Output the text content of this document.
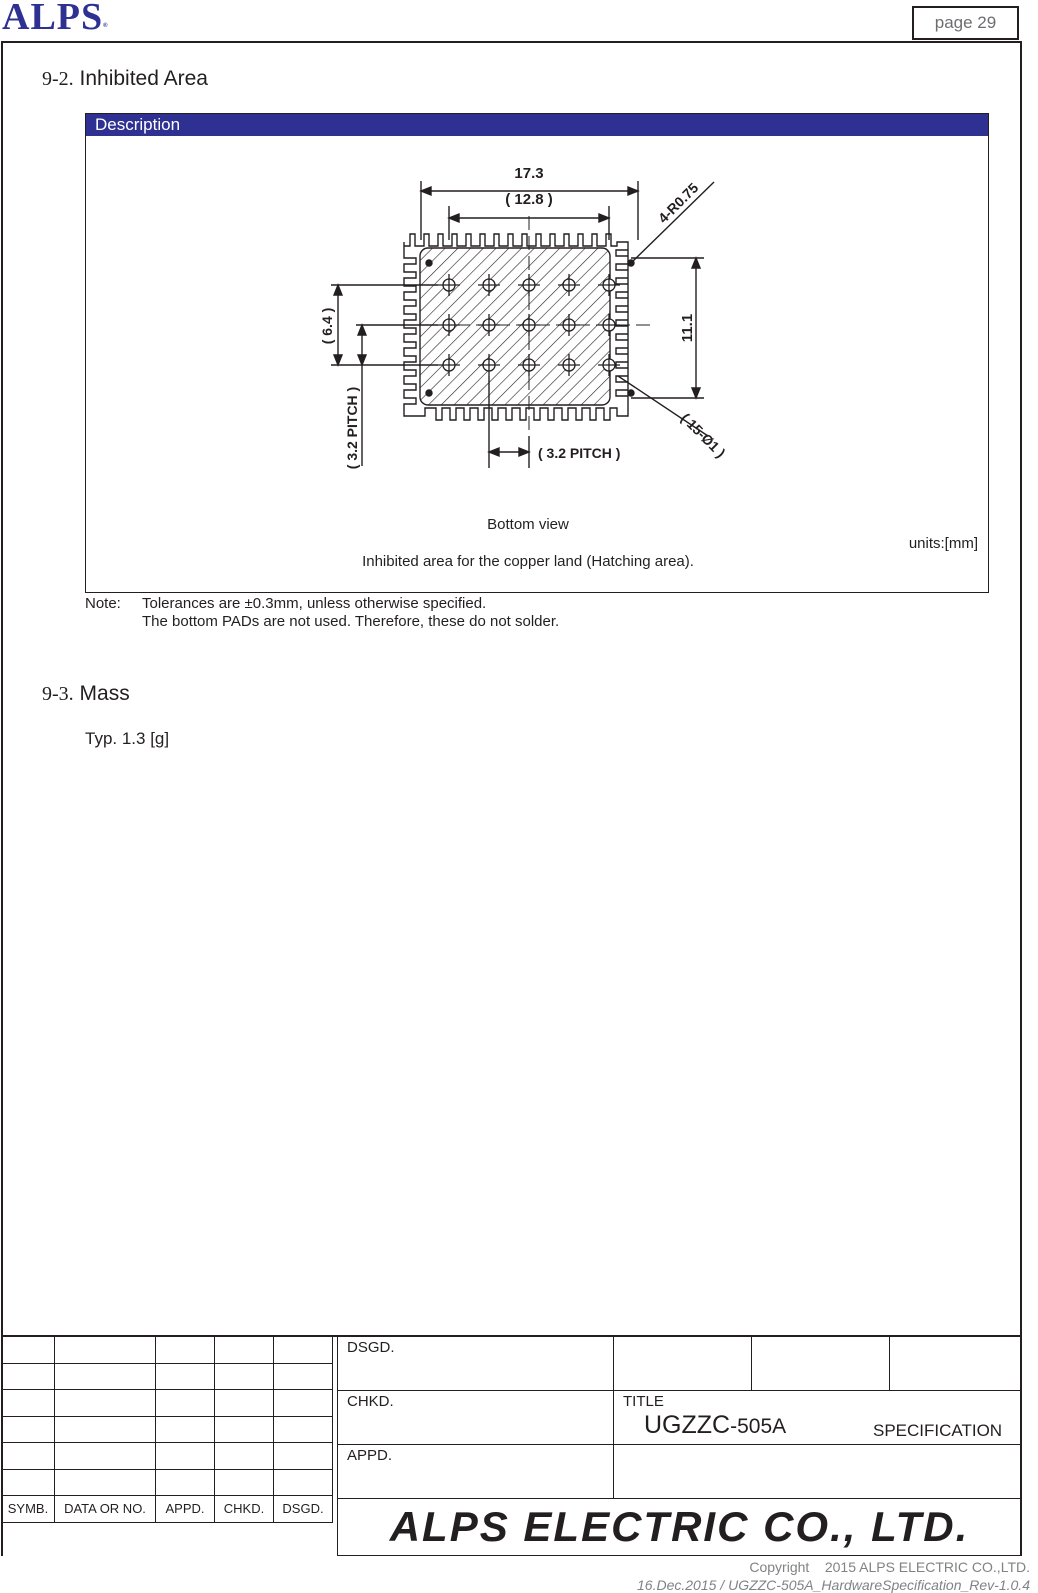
ALPS®	page 29
9-2. Inhibited Area
Description
17.3
( 12.8 )	4-R0.75
11.1
( 6.4 )
( 3.2 PITCH )	( 3.2 PITCH )	( 15-Ø1 )
Bottom view
units:[mm]
Inhibited area for the copper land (Hatching area).
Note: Tolerances are ±0.3mm, unless otherwise specified.
The bottom PADs are not used. Therefore, these do not solder.
9-3. Mass
Typ. 1.3 [g]

SYMB.	DATA OR NO.	APPD.	CHKD.	DSGD.
DSGD.
CHKD.
APPD.
TITLE
UGZZC-505A	SPECIFICATION
ALPS ELECTRIC CO., LTD.
Copyright 2015 ALPS ELECTRIC CO.,LTD.
16.Dec.2015 / UGZZC-505A_HardwareSpecification_Rev-1.0.4
